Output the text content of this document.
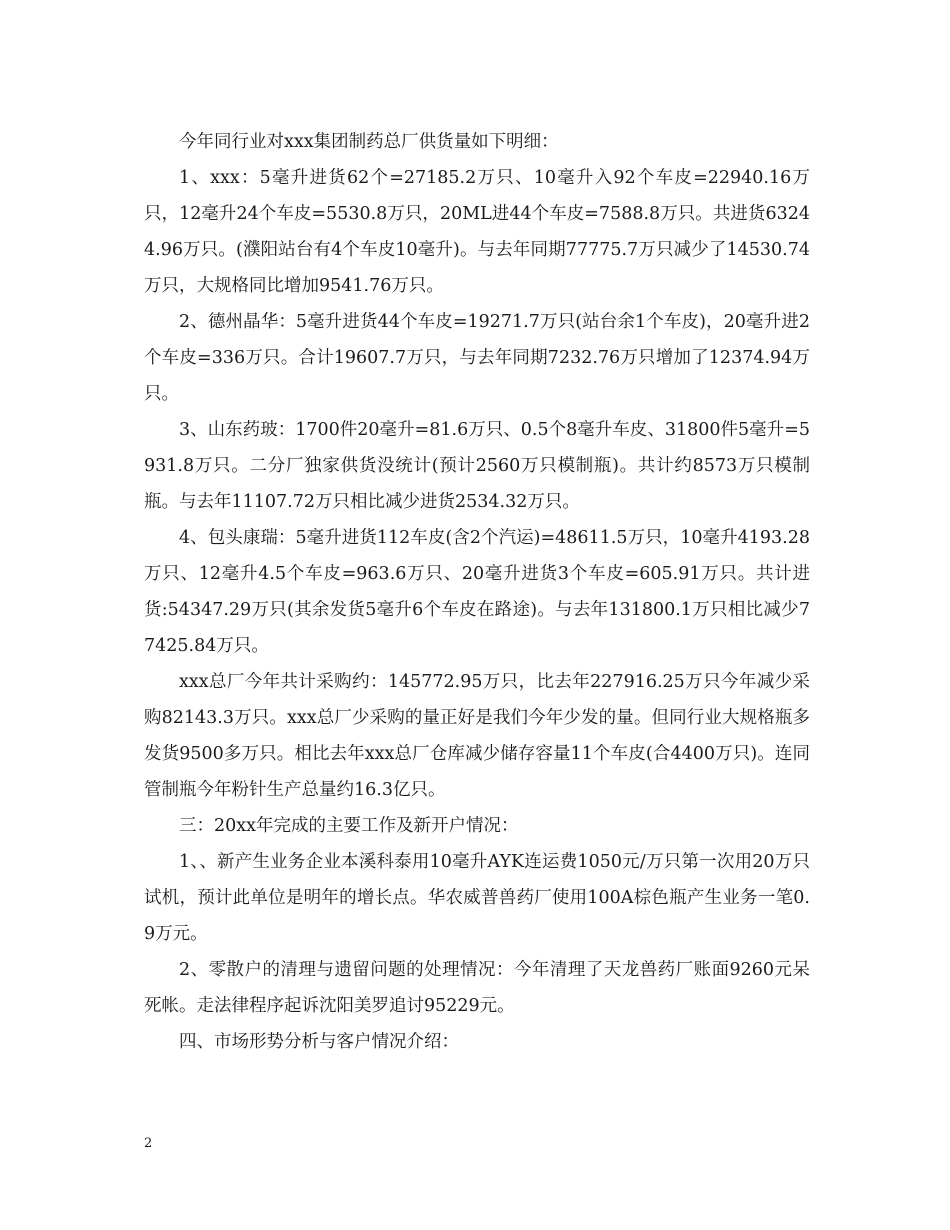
今年同行业对xxx集团制药总厂供货量如下明细：

1、xxx：5毫升进货62个=27185.2万只、10毫升入92个车皮=22940.16万只，12毫升24个车皮=5530.8万只，20ML进44个车皮=7588.8万只。共进货63244.96万只。(濮阳站台有4个车皮10毫升)。与去年同期77775.7万只减少了14530.74万只，大规格同比增加9541.76万只。

2、德州晶华：5毫升进货44个车皮=19271.7万只(站台余1个车皮)，20毫升进2个车皮=336万只。合计19607.7万只，与去年同期7232.76万只增加了12374.94万只。

3、山东药玻：1700件20毫升=81.6万只、0.5个8毫升车皮、31800件5毫升=5931.8万只。二分厂独家供货没统计(预计2560万只模制瓶)。共计约8573万只模制瓶。与去年11107.72万只相比减少进货2534.32万只。

4、包头康瑞：5毫升进货112车皮(含2个汽运)=48611.5万只，10毫升4193.28万只、12毫升4.5个车皮=963.6万只、20毫升进货3个车皮=605.91万只。共计进货:54347.29万只(其余发货5毫升6个车皮在路途)。与去年131800.1万只相比减少77425.84万只。

xxx总厂今年共计采购约：145772.95万只，比去年227916.25万只今年减少采购82143.3万只。xxx总厂少采购的量正好是我们今年少发的量。但同行业大规格瓶多发货9500多万只。相比去年xxx总厂仓库减少储存容量11个车皮(合4400万只)。连同管制瓶今年粉针生产总量约16.3亿只。

三：20xx年完成的主要工作及新开户情况：

1、、新产生业务企业本溪科泰用10毫升AYK连运费1050元/万只第一次用20万只试机，预计此单位是明年的增长点。华农威普兽药厂使用100A棕色瓶产生业务一笔0.9万元。

2、零散户的清理与遗留问题的处理情况：今年清理了天龙兽药厂账面9260元呆死帐。走法律程序起诉沈阳美罗追讨95229元。

四、市场形势分析与客户情况介绍：

2
